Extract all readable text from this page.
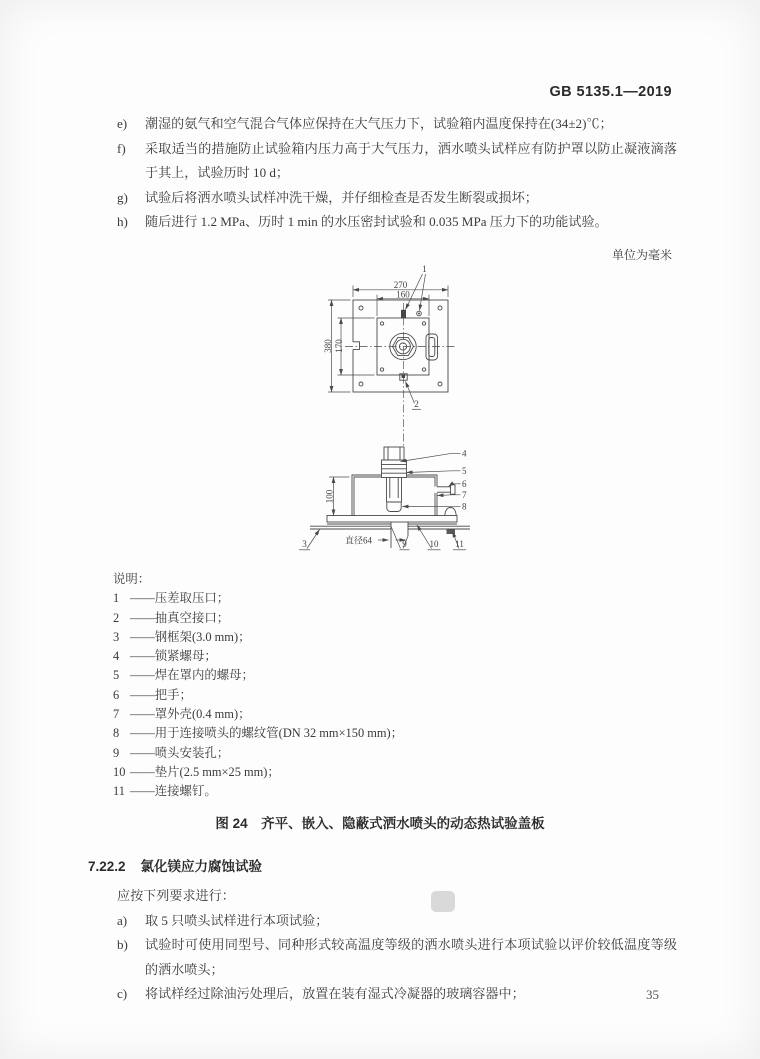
GB 5135.1—2019
e)	潮湿的氨气和空气混合气体应保持在大气压力下，试验箱内温度保持在(34±2)℃；
f)	采取适当的措施防止试验箱内压力高于大气压力，洒水喷头试样应有防护罩以防止凝液滴落于其上，试验历时 10 d；
g)	试验后将洒水喷头试样冲洗干燥，并仔细检查是否发生断裂或损坏；
h)	随后进行 1.2 MPa、历时 1 min 的水压密封试验和 0.035 MPa 压力下的功能试验。
单位为毫米
270
160
380 170
1
2
100
直径64
4
5
6
7
8
3	9	10 11
说明：
1 ——压差取压口；
2 ——抽真空接口；
3 ——钢框架(3.0 mm)；
4 ——锁紧螺母；
5 ——焊在罩内的螺母；
6 ——把手；
7 ——罩外壳(0.4 mm)；
8 ——用于连接喷头的螺纹管(DN 32 mm×150 mm)；
9 ——喷头安装孔；
10 ——垫片(2.5 mm×25 mm)；
11 ——连接螺钉。
图 24　齐平、嵌入、隐蔽式洒水喷头的动态热试验盖板
7.22.2 氯化镁应力腐蚀试验
应按下列要求进行：
a)	取 5 只喷头试样进行本项试验；
b)	试验时可使用同型号、同种形式较高温度等级的洒水喷头进行本项试验以评价较低温度等级的洒水喷头；
c)	将试样经过除油污处理后，放置在装有湿式冷凝器的玻璃容器中；	35
